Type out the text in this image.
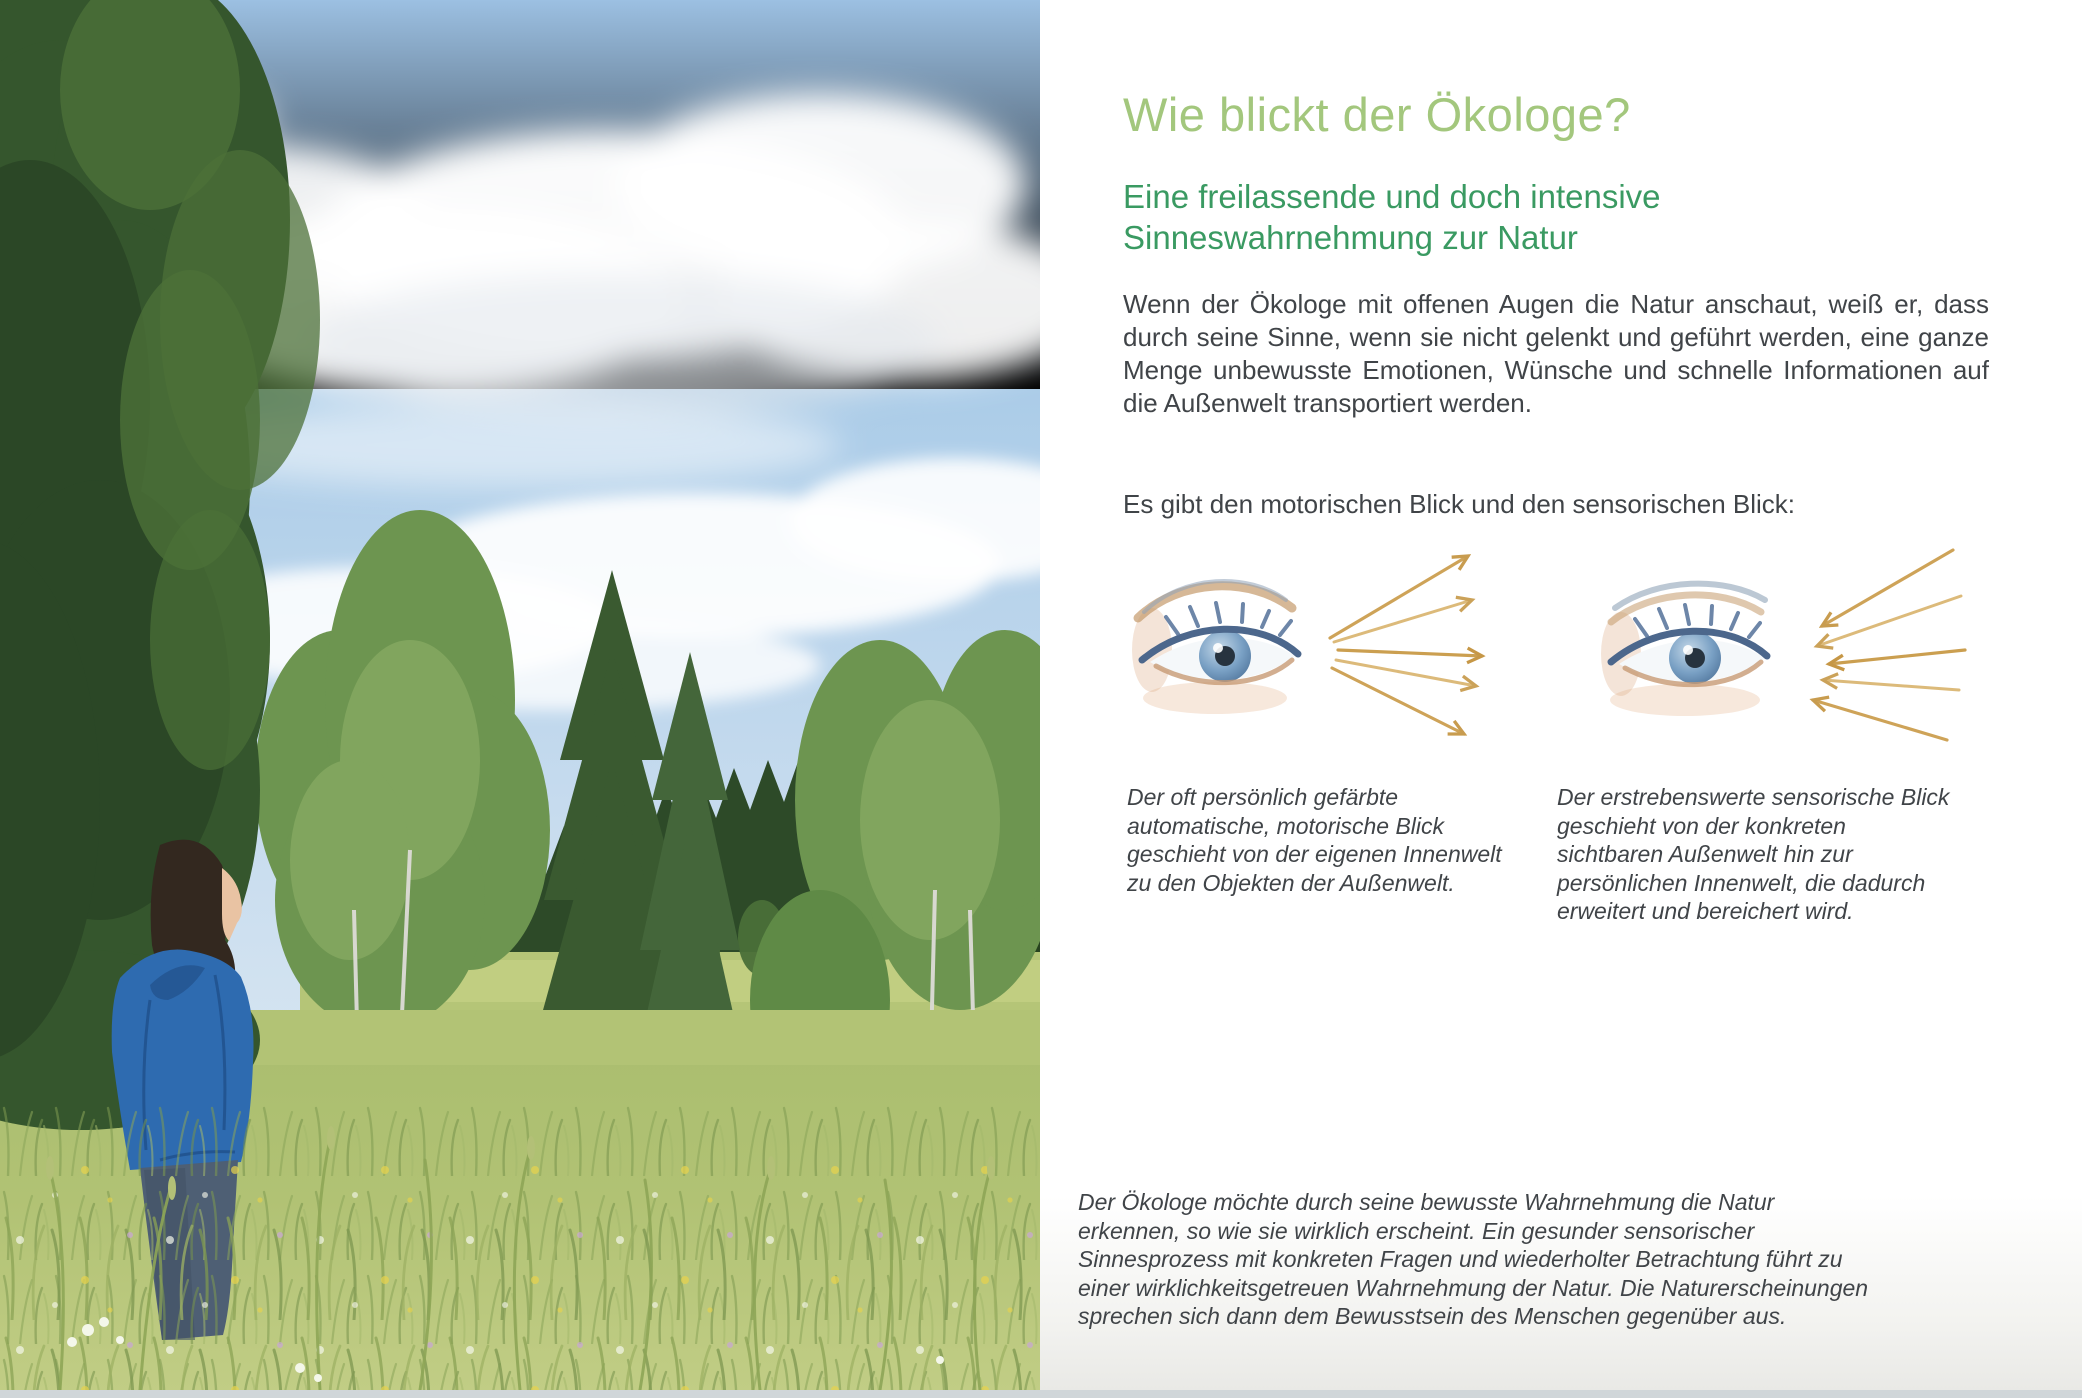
Wie blickt der Ökologe?
Eine freilassende und doch intensive Sinneswahrnehmung zur Natur

Wenn der Ökologe mit offenen Augen die Natur anschaut, weiß er, dass durch seine Sinne, wenn sie nicht gelenkt und geführt werden, eine ganze Menge unbewusste Emotionen, Wünsche und schnelle Informationen auf die Außenwelt transportiert werden.

Es gibt den motorischen Blick und den sensorischen Blick:

Der oft persönlich gefärbte automatische, motorische Blick geschieht von der eigenen Innenwelt zu den Objekten der Außenwelt.

Der erstrebenswerte sensorische Blick geschieht von der konkreten sichtbaren Außenwelt hin zur persönlichen Innenwelt, die dadurch erweitert und bereichert wird.

Der Ökologe möchte durch seine bewusste Wahrnehmung die Natur erkennen, so wie sie wirklich erscheint. Ein gesunder sensorischer Sinnesprozess mit konkreten Fragen und wiederholter Betrachtung führt zu einer wirklichkeitsgetreuen Wahrnehmung der Natur. Die Naturerscheinungen sprechen sich dann dem Bewusstsein des Menschen gegenüber aus.
